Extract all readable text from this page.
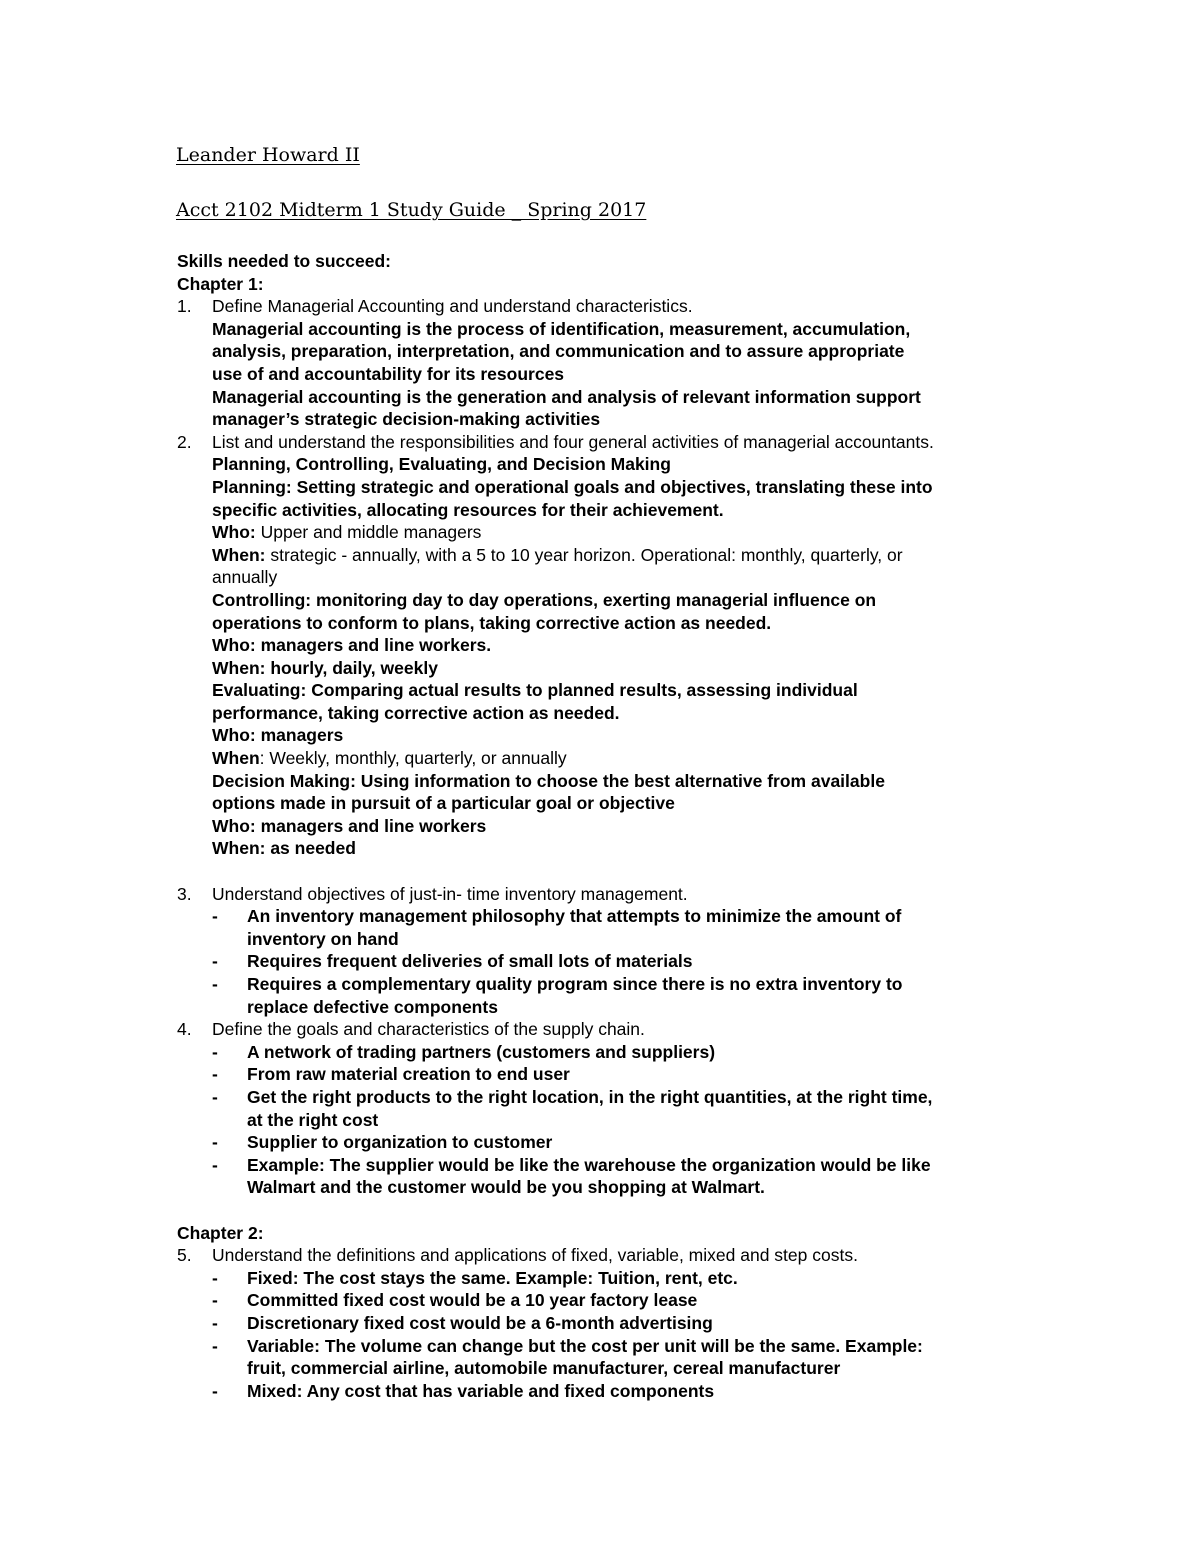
Leander Howard II
Acct 2102 Midterm 1 Study Guide _ Spring 2017
Skills needed to succeed:
Chapter 1:
1. Define Managerial Accounting and understand characteristics.
Managerial accounting is the process of identification, measurement, accumulation,
analysis, preparation, interpretation, and communication and to assure appropriate
use of and accountability for its resources
Managerial accounting is the generation and analysis of relevant information support
manager’s strategic decision-making activities
2. List and understand the responsibilities and four general activities of managerial accountants.
Planning, Controlling, Evaluating, and Decision Making
Planning: Setting strategic and operational goals and objectives, translating these into
specific activities, allocating resources for their achievement.
Who: Upper and middle managers
When: strategic - annually, with a 5 to 10 year horizon. Operational: monthly, quarterly, or
annually
Controlling: monitoring day to day operations, exerting managerial influence on
operations to conform to plans, taking corrective action as needed.
Who: managers and line workers.
When: hourly, daily, weekly
Evaluating: Comparing actual results to planned results, assessing individual
performance, taking corrective action as needed.
Who: managers
When: Weekly, monthly, quarterly, or annually
Decision Making: Using information to choose the best alternative from available
options made in pursuit of a particular goal or objective
Who: managers and line workers
When: as needed
3. Understand objectives of just-in- time inventory management.
- An inventory management philosophy that attempts to minimize the amount of
inventory on hand
- Requires frequent deliveries of small lots of materials
- Requires a complementary quality program since there is no extra inventory to
replace defective components
4. Define the goals and characteristics of the supply chain.
- A network of trading partners (customers and suppliers)
- From raw material creation to end user
- Get the right products to the right location, in the right quantities, at the right time,
at the right cost
- Supplier to organization to customer
- Example: The supplier would be like the warehouse the organization would be like
Walmart and the customer would be you shopping at Walmart.
Chapter 2:
5. Understand the definitions and applications of fixed, variable, mixed and step costs.
- Fixed: The cost stays the same. Example: Tuition, rent, etc.
- Committed fixed cost would be a 10 year factory lease
- Discretionary fixed cost would be a 6-month advertising
- Variable: The volume can change but the cost per unit will be the same. Example:
fruit, commercial airline, automobile manufacturer, cereal manufacturer
- Mixed: Any cost that has variable and fixed components
